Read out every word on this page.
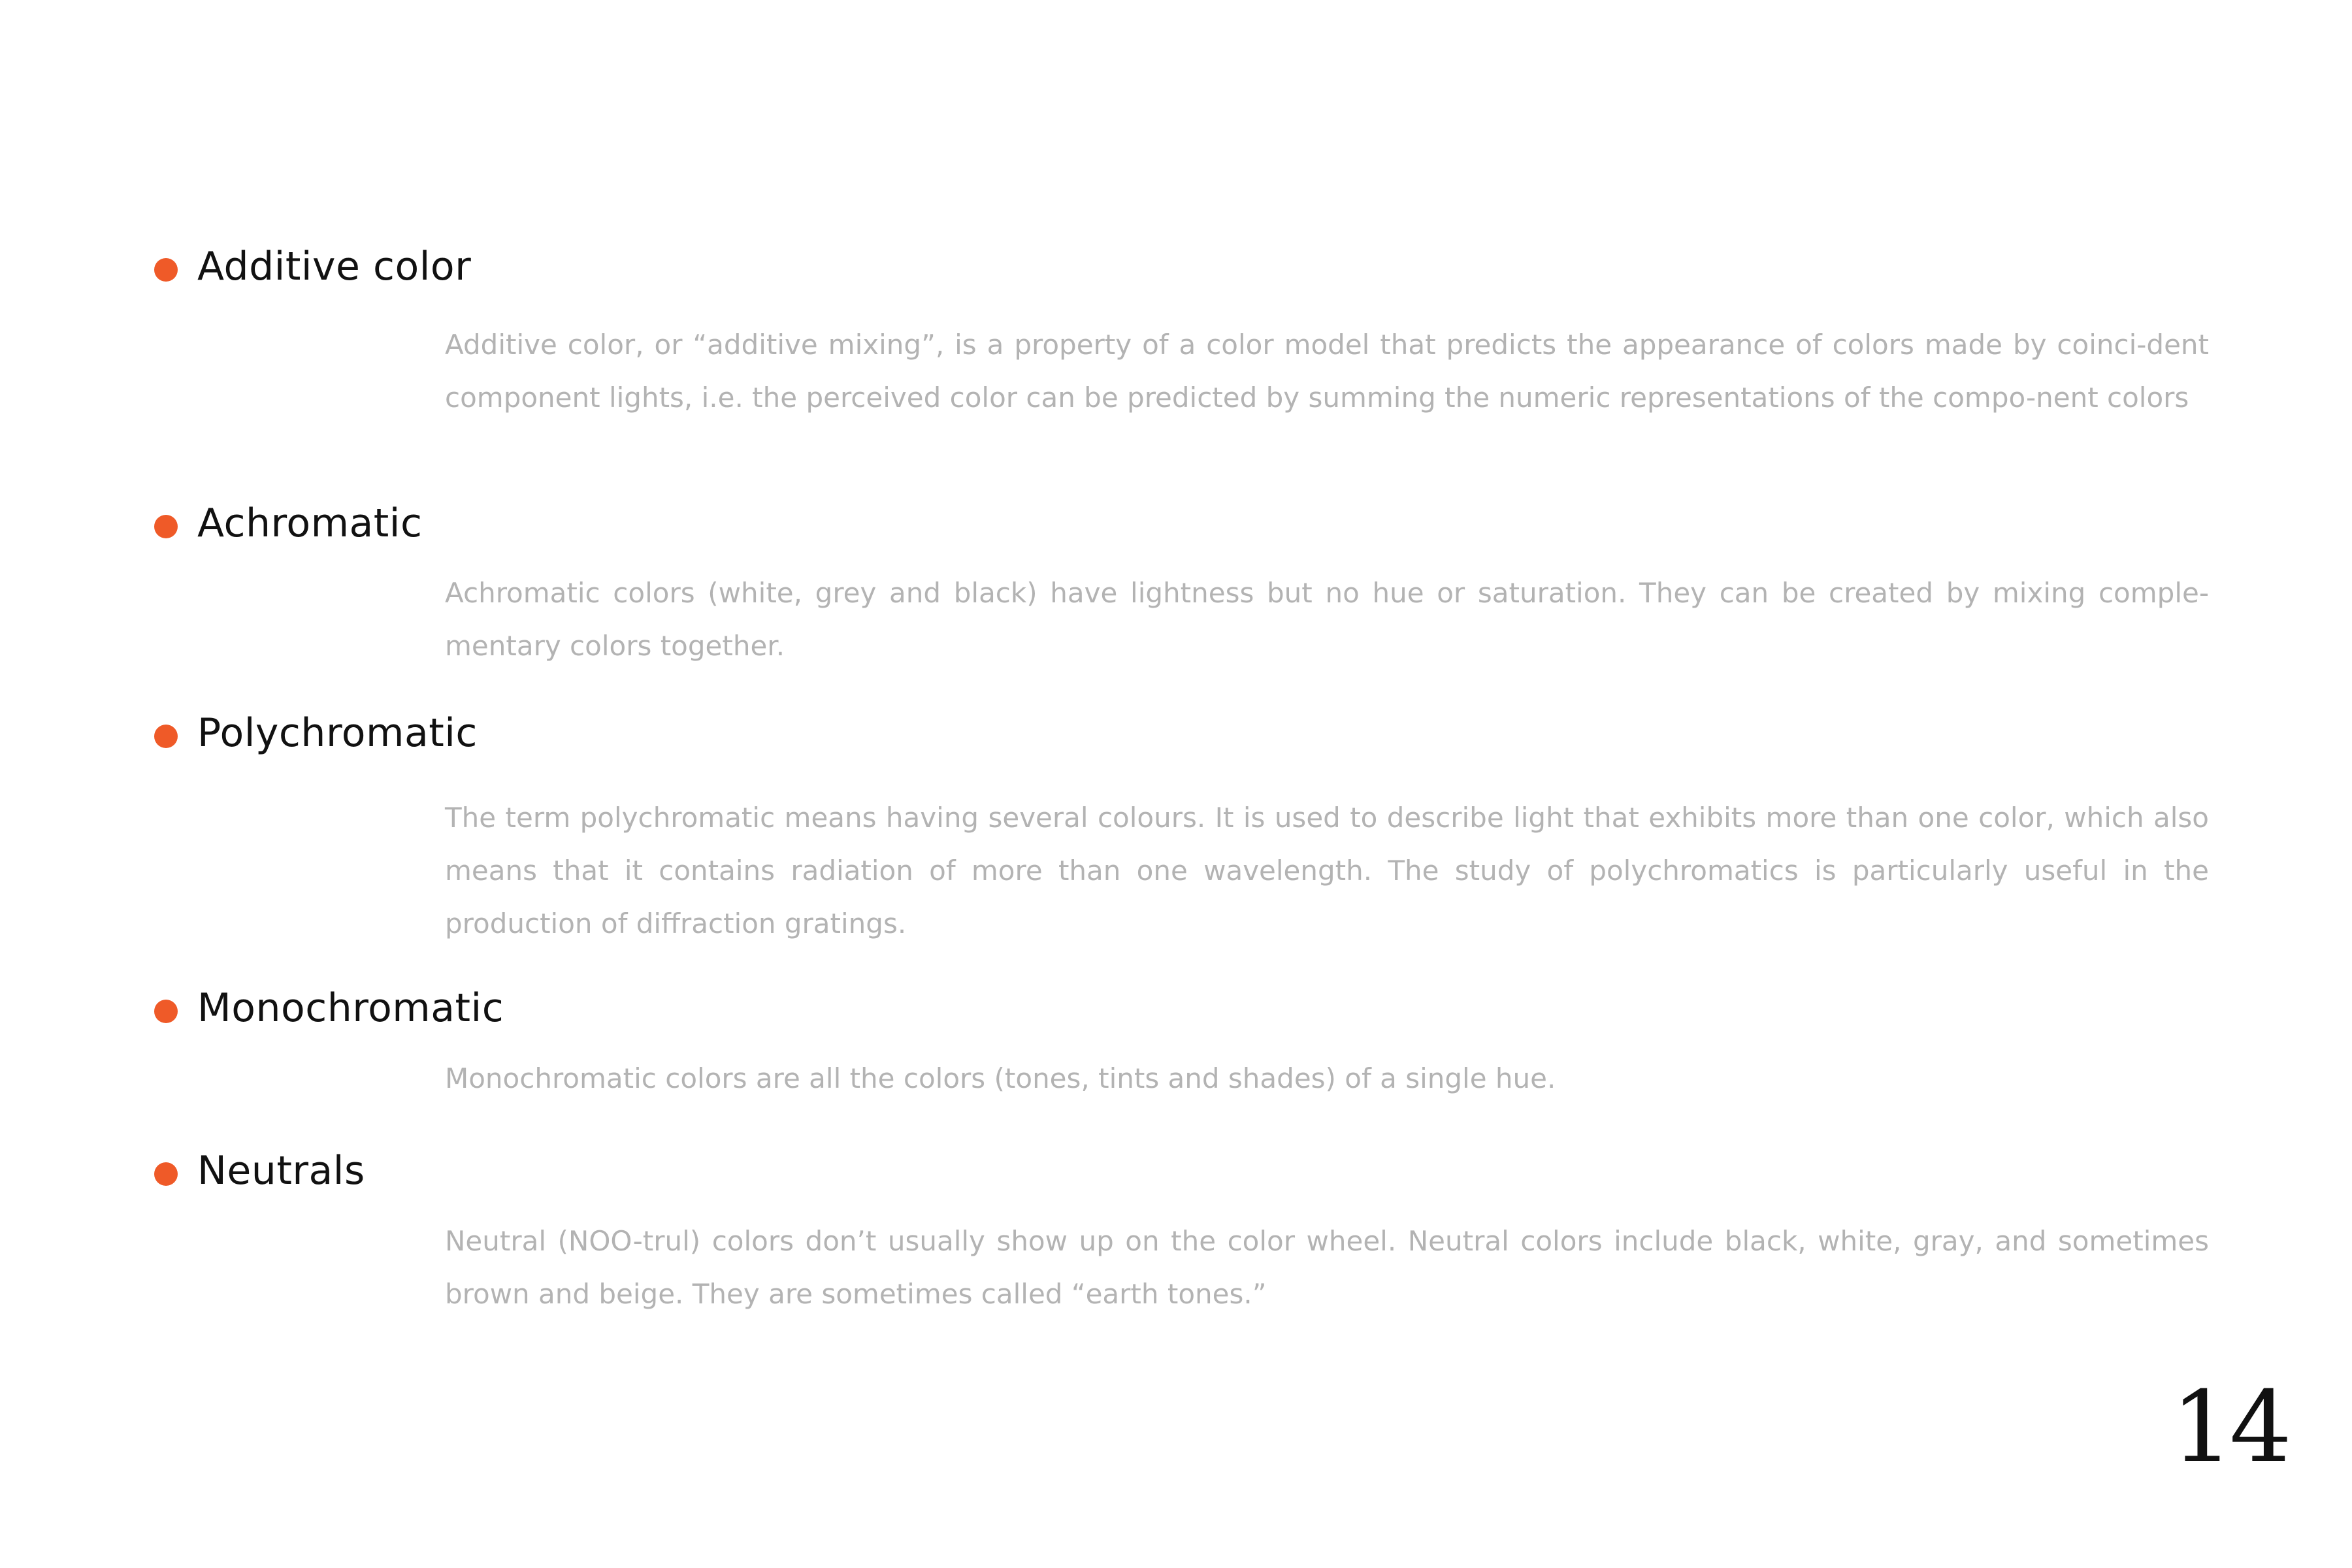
Additive color

Additive color, or “additive mixing”, is a property of a color model that predicts the appearance of colors made by coinci-dent component lights, i.e. the perceived color can be predicted by summing the numeric representations of the compo-nent colors

Achromatic

Achromatic colors (white, grey and black) have lightness but no hue or saturation. They can be created by mixing comple-mentary colors together.

Polychromatic

The term polychromatic means having several colours. It is used to describe light that exhibits more than one color, which also means that it contains radiation of more than one wavelength. The study of polychromatics is particularly useful in the production of diffraction gratings.

Monochromatic

Monochromatic colors are all the colors (tones, tints and shades) of a single hue.

Neutrals

Neutral (NOO-trul) colors don’t usually show up on the color wheel. Neutral colors include black, white, gray, and sometimes brown and beige. They are sometimes called “earth tones.”

14
